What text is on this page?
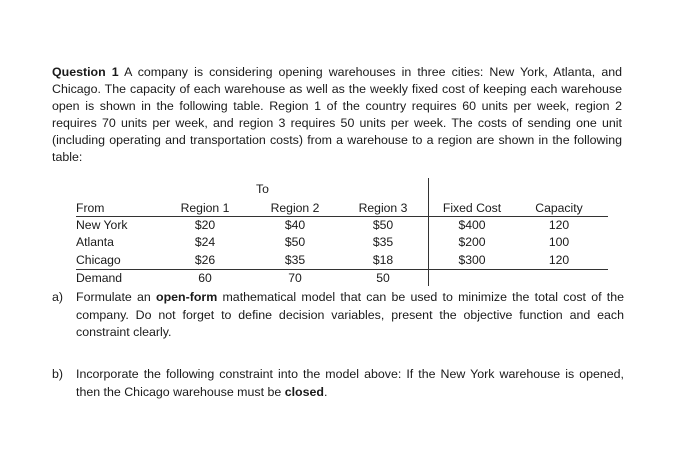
Question 1 A company is considering opening warehouses in three cities: New York, Atlanta, and Chicago. The capacity of each warehouse as well as the weekly fixed cost of keeping each warehouse open is shown in the following table. Region 1 of the country requires 60 units per week, region 2 requires 70 units per week, and region 3 requires 50 units per week. The costs of sending one unit (including operating and transportation costs) from a warehouse to a region are shown in the following table:
To
From	Region 1	Region 2	Region 3	Fixed Cost	Capacity
New York	$20	$40	$50	$400	120
Atlanta	$24	$50	$35	$200	100
Chicago	$26	$35	$18	$300	120
Demand	60	70	50
a) Formulate an open-form mathematical model that can be used to minimize the total cost of the company. Do not forget to define decision variables, present the objective function and each constraint clearly.
b) Incorporate the following constraint into the model above: If the New York warehouse is opened, then the Chicago warehouse must be closed.
